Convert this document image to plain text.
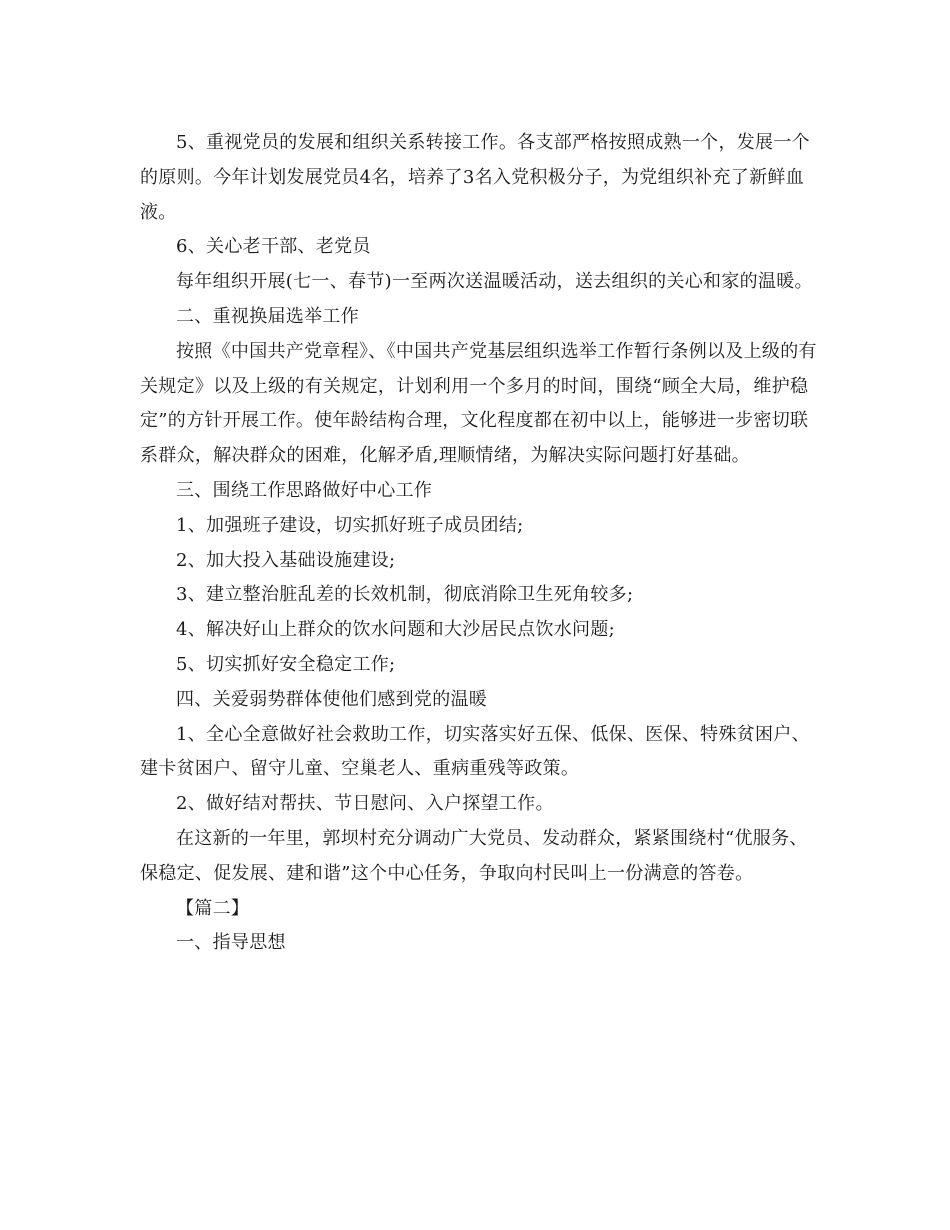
5、重视党员的发展和组织关系转接工作。各支部严格按照成熟一个，发展一个的原则。今年计划发展党员4名，培养了3名入党积极分子，为党组织补充了新鲜血液。

6、关心老干部、老党员

每年组织开展(七一、春节)一至两次送温暖活动，送去组织的关心和家的温暖。

二、重视换届选举工作

按照《中国共产党章程》、《中国共产党基层组织选举工作暂行条例以及上级的有关规定》以及上级的有关规定，计划利用一个多月的时间，围绕“顾全大局，维护稳定”的方针开展工作。使年龄结构合理，文化程度都在初中以上，能够进一步密切联系群众，解决群众的困难，化解矛盾,理顺情绪，为解决实际问题打好基础。

三、围绕工作思路做好中心工作

1、加强班子建设，切实抓好班子成员团结;

2、加大投入基础设施建设;

3、建立整治脏乱差的长效机制，彻底消除卫生死角较多;

4、解决好山上群众的饮水问题和大沙居民点饮水问题;

5、切实抓好安全稳定工作;

四、关爱弱势群体使他们感到党的温暖

1、全心全意做好社会救助工作，切实落实好五保、低保、医保、特殊贫困户、建卡贫困户、留守儿童、空巢老人、重病重残等政策。

2、做好结对帮扶、节日慰问、入户探望工作。

在这新的一年里，郭坝村充分调动广大党员、发动群众，紧紧围绕村“优服务、保稳定、促发展、建和谐”这个中心任务，争取向村民叫上一份满意的答卷。

【篇二】

一、指导思想
